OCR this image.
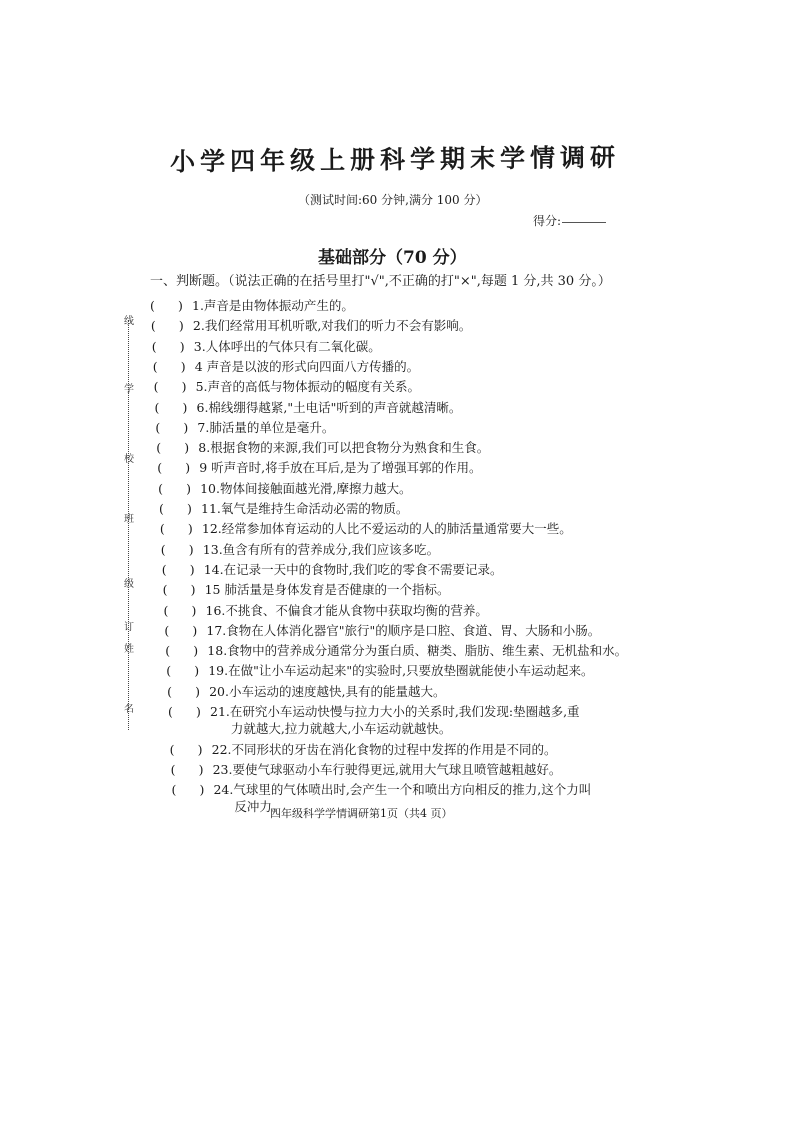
小学四年级上册科学期末学情调研
（测试时间:60 分钟,满分 100 分）
得分:
基础部分（70 分）
一、判断题。（说法正确的在括号里打"√",不正确的打"×",每题 1 分,共 30 分。）
学
校
班
级
姓
名
订
线
( ) 1.声音是由物体振动产生的。
( ) 2.我们经常用耳机听歌,对我们的听力不会有影响。
( ) 3.人体呼出的气体只有二氧化碳。
( ) 4 声音是以波的形式向四面八方传播的。
( ) 5.声音的高低与物体振动的幅度有关系。
( ) 6.棉线绷得越紧,"土电话"听到的声音就越清晰。
( ) 7.肺活量的单位是毫升。
( ) 8.根据食物的来源,我们可以把食物分为熟食和生食。
( ) 9 听声音时,将手放在耳后,是为了增强耳郭的作用。
( ) 10.物体间接触面越光滑,摩擦力越大。
( ) 11.氧气是维持生命活动必需的物质。
( ) 12.经常参加体育运动的人比不爱运动的人的肺活量通常要大一些。
( ) 13.鱼含有所有的营养成分,我们应该多吃。
( ) 14.在记录一天中的食物时,我们吃的零食不需要记录。
( ) 15 肺活量是身体发育是否健康的一个指标。
( ) 16.不挑食、不偏食才能从食物中获取均衡的营养。
( ) 17.食物在人体消化器官"旅行"的顺序是口腔、食道、胃、大肠和小肠。
( ) 18.食物中的营养成分通常分为蛋白质、糖类、脂肪、维生素、无机盐和水。
( ) 19.在做"让小车运动起来"的实验时,只要放垫圈就能使小车运动起来。
( ) 20.小车运动的速度越快,具有的能量越大。
( ) 21.在研究小车运动快慢与拉力大小的关系时,我们发现:垫圈越多,重
力就越大,拉力就越大,小车运动就越快。
( ) 22.不同形状的牙齿在消化食物的过程中发挥的作用是不同的。
( ) 23.要使气球驱动小车行驶得更远,就用大气球且喷管越粗越好。
( ) 24.气球里的气体喷出时,会产生一个和喷出方向相反的推力,这个力叫
反冲力。
四年级科学学情调研第1页（共4 页）
